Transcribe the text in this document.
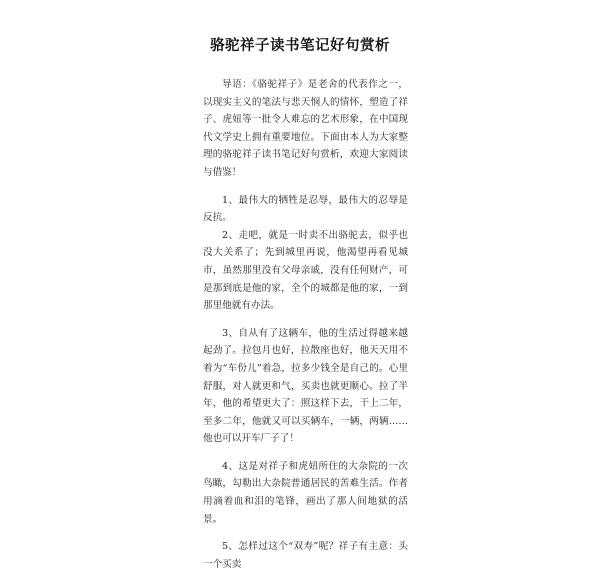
骆驼祥子读书笔记好句赏析

导语：《骆驼祥子》是老舍的代表作之一，以现实主义的笔法与悲天悯人的情怀，塑造了祥子、虎妞等一批令人难忘的艺术形象，在中国现代文学史上拥有重要地位。下面由本人为大家整理的骆驼祥子读书笔记好句赏析，欢迎大家阅读与借鉴！

1、最伟大的牺牲是忍辱，最伟大的忍辱是反抗。

2、走吧，就是一时卖不出骆驼去，似乎也没大关系了；先到城里再说，他渴望再看见城市，虽然那里没有父母亲戚，没有任何财产，可是那到底是他的家，全个的城都是他的家，一到那里他就有办法。

3、自从有了这辆车，他的生活过得越来越起劲了。拉包月也好，拉散座也好，他天天用不着为“车份儿”着急，拉多少钱全是自己的。心里舒服，对人就更和气，买卖也就更顺心。拉了半年，他的希望更大了：照这样下去，干上二年，至多二年，他就又可以买辆车，一辆，两辆……他也可以开车厂子了！

4、这是对祥子和虎妞所住的大杂院的一次鸟瞰，勾勒出大杂院普通居民的苦难生活。作者用滴着血和泪的笔锋，画出了那人间地狱的活景。

5、怎样过这个“双寿”呢？祥子有主意：头一个买卖
